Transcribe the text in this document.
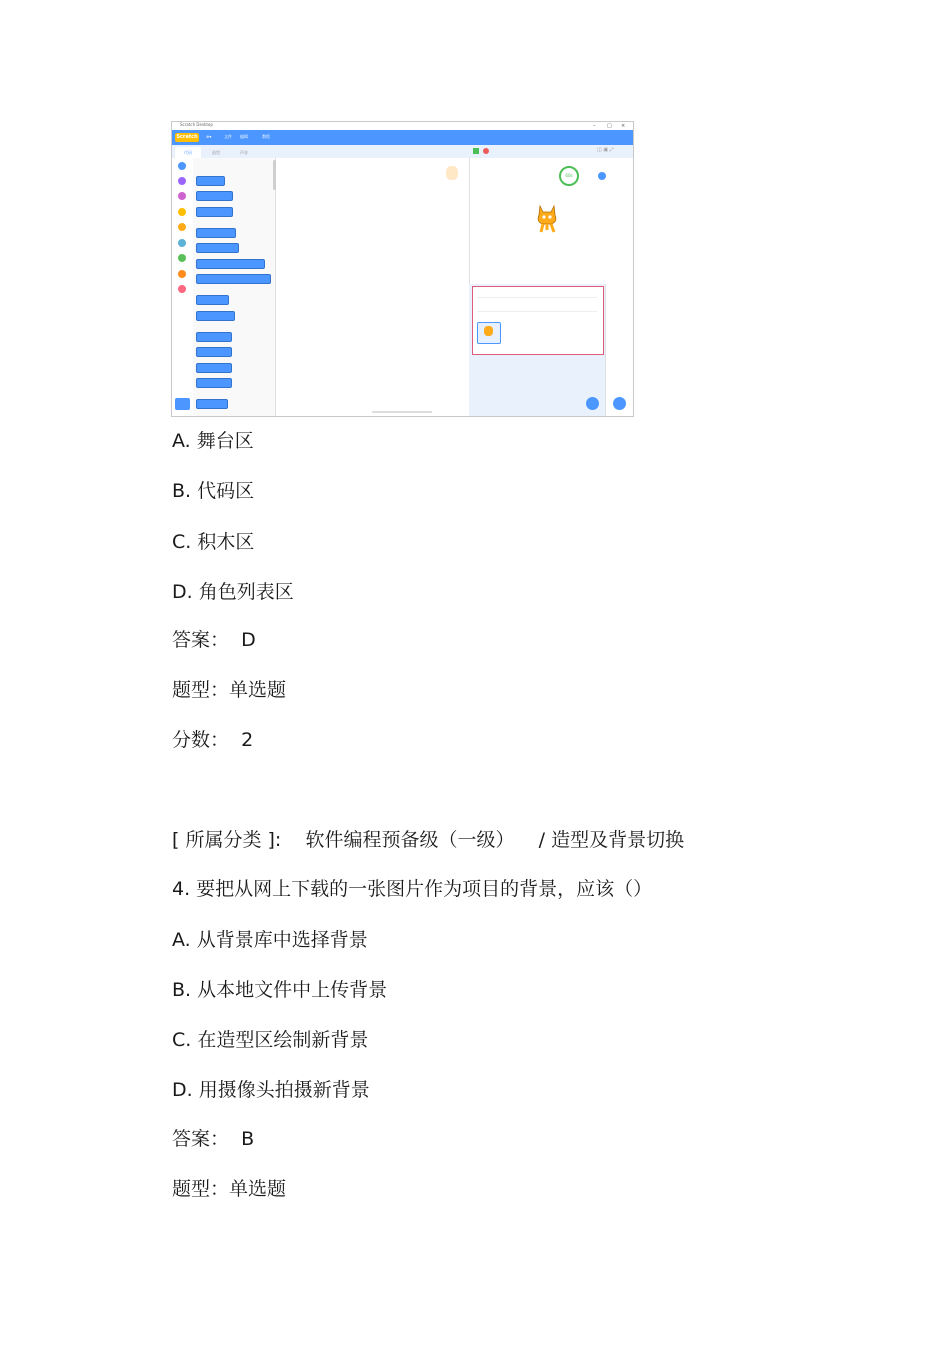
Scratch Desktop	– □ ×
Scratch	⊕▾	文件 编辑	教程
代码	造型	声音	◫ ▣ ⤢
60s
A. 舞台区
B. 代码区
C. 积木区
D. 角色列表区
答案：  D
题型：单选题
分数：  2
[ 所属分类 ]:    软件编程预备级（一级）    / 造型及背景切换
4. 要把从网上下载的一张图片作为项目的背景，应该（）
A. 从背景库中选择背景
B. 从本地文件中上传背景
C. 在造型区绘制新背景
D. 用摄像头拍摄新背景
答案：  B
题型：单选题
